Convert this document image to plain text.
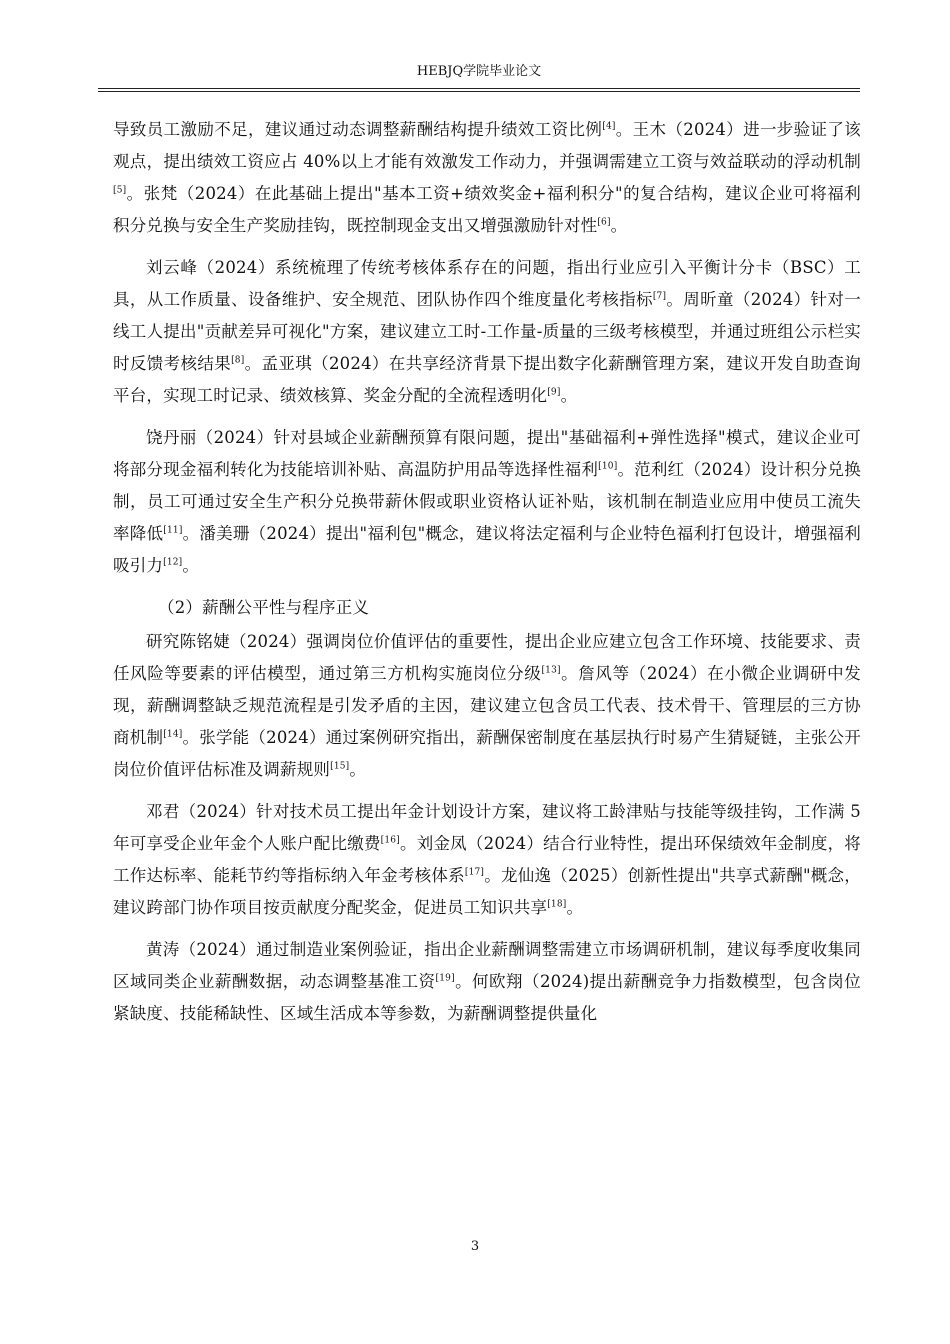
HEBJQ学院毕业论文

导致员工激励不足，建议通过动态调整薪酬结构提升绩效工资比例[4]。王木（2024）进一步验证了该观点，提出绩效工资应占 40%以上才能有效激发工作动力，并强调需建立工资与效益联动的浮动机制[5]。张梵（2024）在此基础上提出"基本工资+绩效奖金+福利积分"的复合结构，建议企业可将福利积分兑换与安全生产奖励挂钩，既控制现金支出又增强激励针对性[6]。

刘云峰（2024）系统梳理了传统考核体系存在的问题，指出行业应引入平衡计分卡（BSC）工具，从工作质量、设备维护、安全规范、团队协作四个维度量化考核指标[7]。周昕童（2024）针对一线工人提出"贡献差异可视化"方案，建议建立工时-工作量-质量的三级考核模型，并通过班组公示栏实时反馈考核结果[8]。孟亚琪（2024）在共享经济背景下提出数字化薪酬管理方案，建议开发自助查询平台，实现工时记录、绩效核算、奖金分配的全流程透明化[9]。

饶丹丽（2024）针对县域企业薪酬预算有限问题，提出"基础福利+弹性选择"模式，建议企业可将部分现金福利转化为技能培训补贴、高温防护用品等选择性福利[10]。范利红（2024）设计积分兑换制，员工可通过安全生产积分兑换带薪休假或职业资格认证补贴，该机制在制造业应用中使员工流失率降低[11]。潘美珊（2024）提出"福利包"概念，建议将法定福利与企业特色福利打包设计，增强福利吸引力[12]。

（2）薪酬公平性与程序正义

研究陈铭婕（2024）强调岗位价值评估的重要性，提出企业应建立包含工作环境、技能要求、责任风险等要素的评估模型，通过第三方机构实施岗位分级[13]。詹风等（2024）在小微企业调研中发现，薪酬调整缺乏规范流程是引发矛盾的主因，建议建立包含员工代表、技术骨干、管理层的三方协商机制[14]。张学能（2024）通过案例研究指出，薪酬保密制度在基层执行时易产生猜疑链，主张公开岗位价值评估标准及调薪规则[15]。

邓君（2024）针对技术员工提出年金计划设计方案，建议将工龄津贴与技能等级挂钩，工作满 5 年可享受企业年金个人账户配比缴费[16]。刘金凤（2024）结合行业特性，提出环保绩效年金制度，将工作达标率、能耗节约等指标纳入年金考核体系[17]。龙仙逸（2025）创新性提出"共享式薪酬"概念，建议跨部门协作项目按贡献度分配奖金，促进员工知识共享[18]。

黄涛（2024）通过制造业案例验证，指出企业薪酬调整需建立市场调研机制，建议每季度收集同区域同类企业薪酬数据，动态调整基准工资[19]。何欧翔（2024)提出薪酬竞争力指数模型，包含岗位紧缺度、技能稀缺性、区域生活成本等参数，为薪酬调整提供量化

3
